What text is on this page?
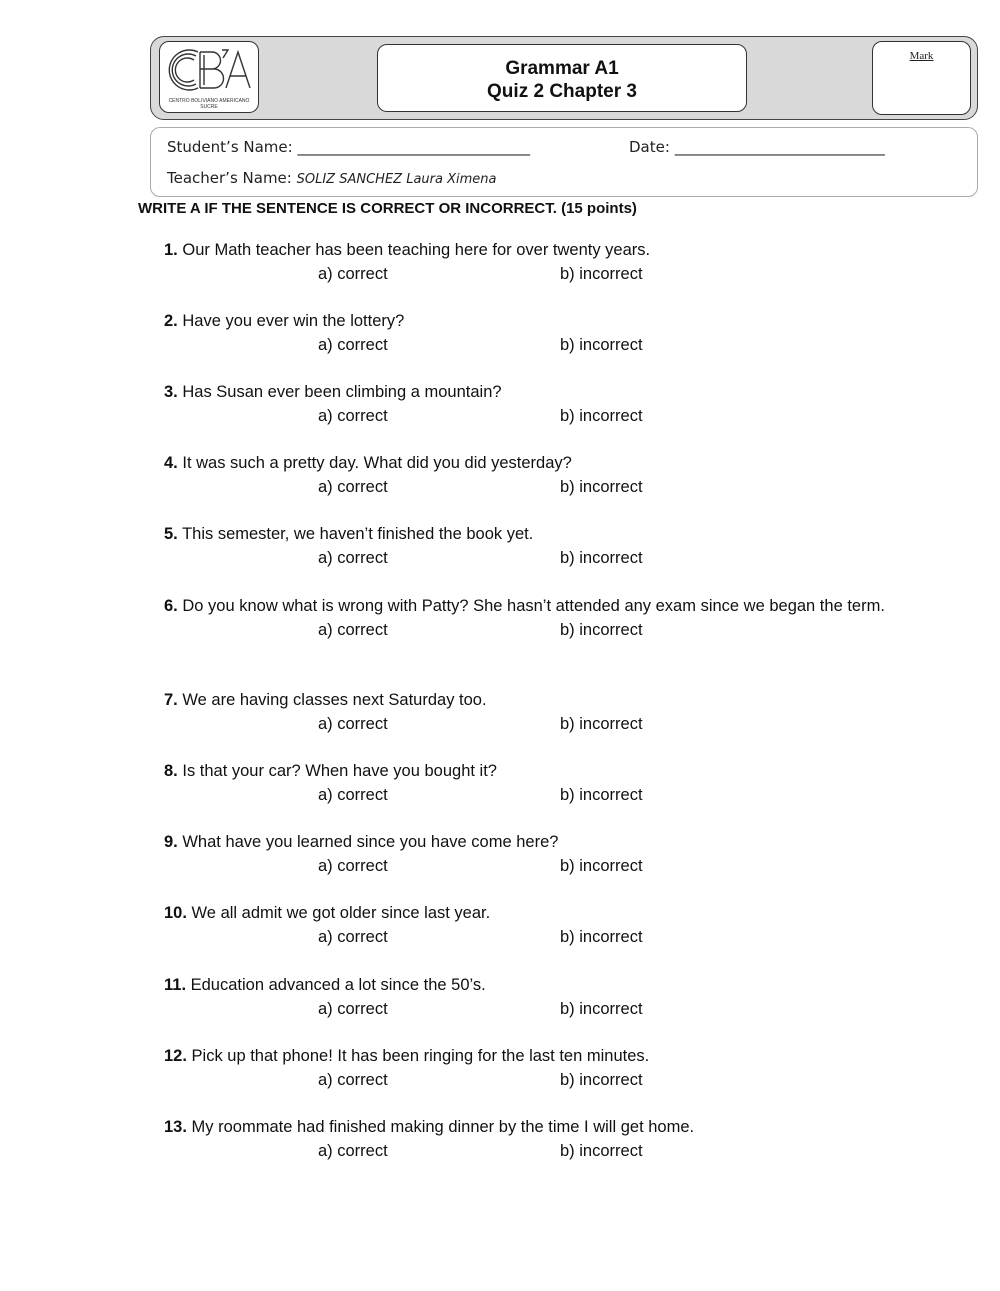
CENTRO BOLIVIANO AMERICANO SUCRE
Grammar A1
Quiz 2 Chapter 3
Mark
Student’s Name: _______________________________	Date: ____________________________
Teacher’s Name: SOLIZ SANCHEZ Laura Ximena
WRITE A IF THE SENTENCE IS CORRECT OR INCORRECT. (15 points)
1. Our Math teacher has been teaching here for over twenty years.
a) correct	b) incorrect
2. Have you ever win the lottery?
a) correct	b) incorrect
3. Has Susan ever been climbing a mountain?
a) correct	b) incorrect
4. It was such a pretty day. What did you did yesterday?
a) correct	b) incorrect
5. This semester, we haven’t finished the book yet.
a) correct	b) incorrect
6. Do you know what is wrong with Patty? She hasn’t attended any exam since we began the term.
a) correct	b) incorrect
7. We are having classes next Saturday too.
a) correct	b) incorrect
8. Is that your car? When have you bought it?
a) correct	b) incorrect
9. What have you learned since you have come here?
a) correct	b) incorrect
10. We all admit we got older since last year.
a) correct	b) incorrect
11. Education advanced a lot since the 50’s.
a) correct	b) incorrect
12. Pick up that phone! It has been ringing for the last ten minutes.
a) correct	b) incorrect
13. My roommate had finished making dinner by the time I will get home.
a) correct	b) incorrect
